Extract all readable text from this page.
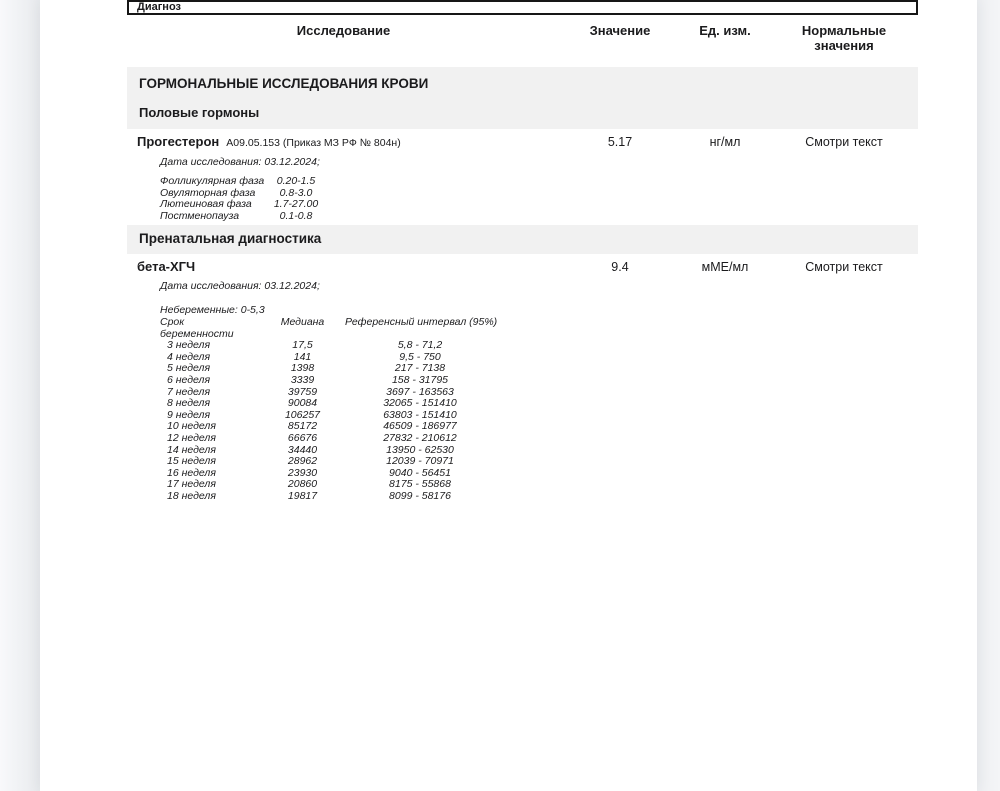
Диагноз
Исследование	Значение	Ед. изм.	Нормальные значения
ГОРМОНАЛЬНЫЕ ИССЛЕДОВАНИЯ КРОВИ
Половые гормоны
Прогестерон А09.05.153 (Приказ МЗ РФ № 804н)	5.17	нг/мл	Смотри текст
Дата исследования: 03.12.2024;
Фолликулярная фаза	0.20-1.5
Овуляторная фаза	0.8-3.0
Лютеиновая фаза	1.7-27.00
Постменопауза	0.1-0.8
Пренатальная диагностика
бета-ХГЧ	9.4	мМЕ/мл	Смотри текст
Дата исследования: 03.12.2024;
Небеременные: 0-5,3
Срок беременности
Медиана	Референсный интервал (95%)
3 неделя	17,5	5,8 - 71,2
4 неделя	141	9,5 - 750
5 неделя	1398	217 - 7138
6 неделя	3339	158 - 31795
7 неделя	39759	3697 - 163563
8 неделя	90084	32065 - 151410
9 неделя	106257	63803 - 151410
10 неделя	85172	46509 - 186977
12 неделя	66676	27832 - 210612
14 неделя	34440	13950 - 62530
15 неделя	28962	12039 - 70971
16 неделя	23930	9040 - 56451
17 неделя	20860	8175 - 55868
18 неделя	19817	8099 - 58176
